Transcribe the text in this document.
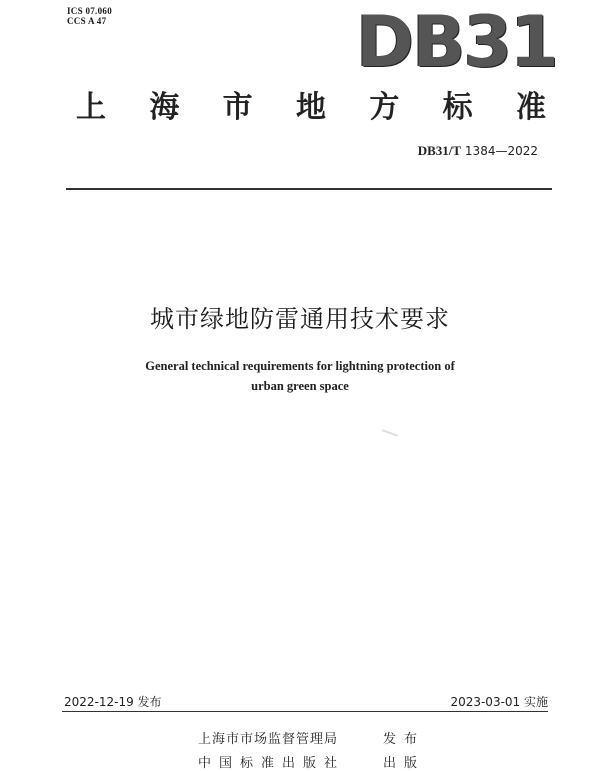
ICS 07.060
CCS A 47	DB31
上 海 市 地 方 标 准
DB31/T 1384—2022
城市绿地防雷通用技术要求
General technical requirements for lightning protection of
urban green space
2022-12-19 发布	2023-03-01 实施
上海市市场监督管理局	发布
中国标准出版社	出版
